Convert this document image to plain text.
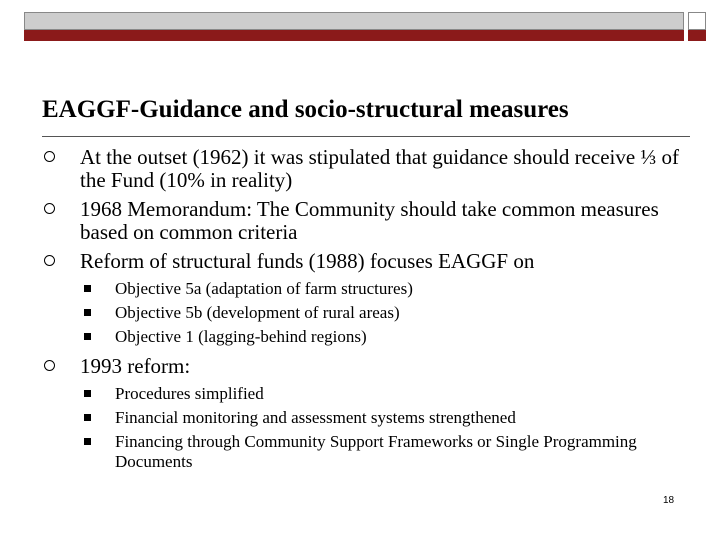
EAGGF-Guidance and socio-structural measures
At the outset (1962) it was stipulated that guidance should receive ⅓ of the Fund (10% in reality)
1968 Memorandum: The Community should take common measures based on common criteria
Reform of structural funds (1988) focuses EAGGF on
Objective 5a (adaptation of farm structures)
Objective 5b (development of rural areas)
Objective 1 (lagging-behind regions)
1993 reform:
Procedures simplified
Financial monitoring and assessment systems strengthened
Financing through Community Support Frameworks or Single Programming Documents
18
